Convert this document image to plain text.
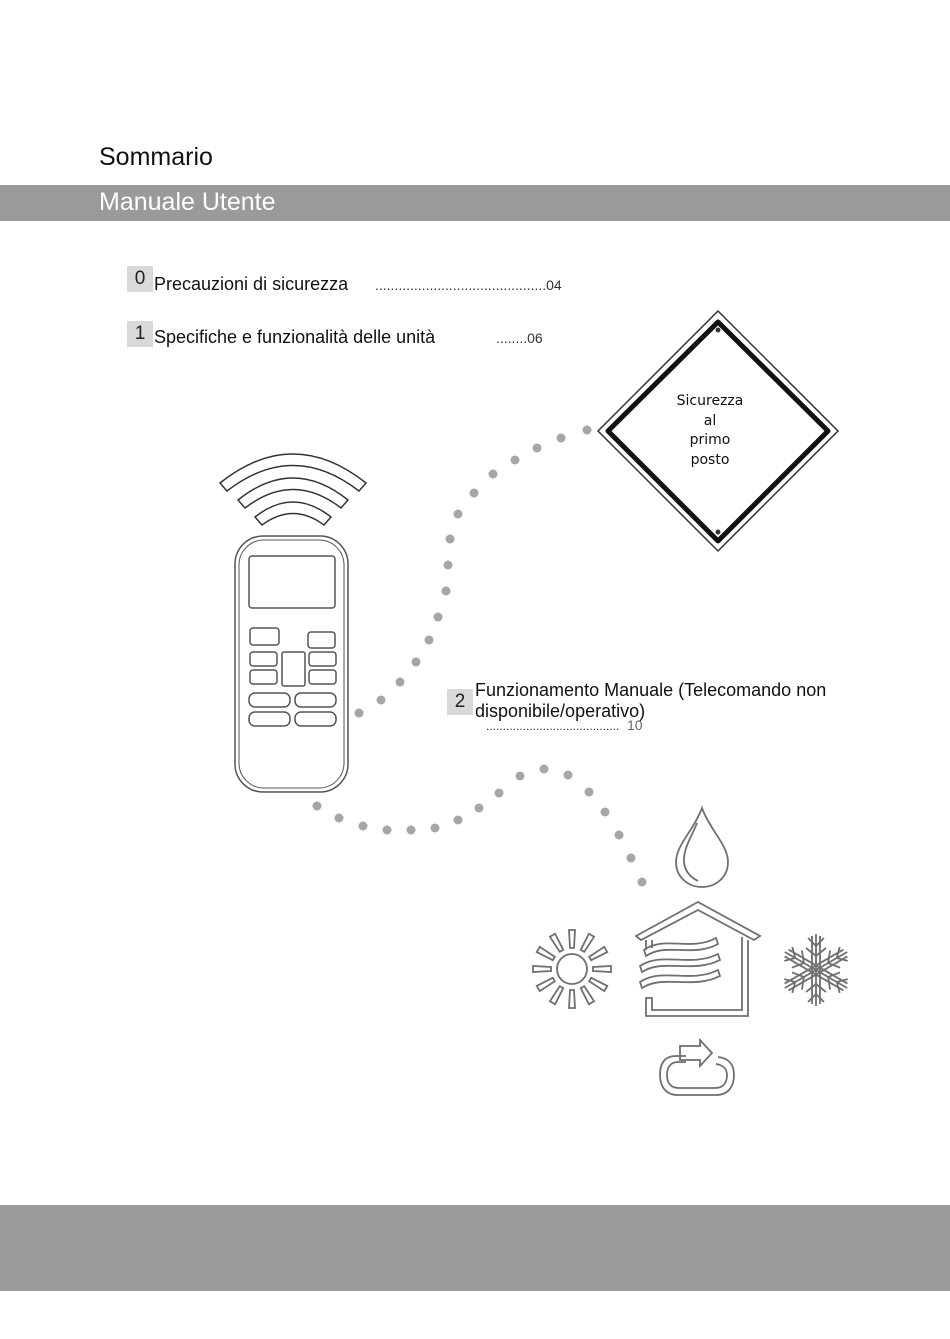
Sommario
Manuale Utente
0 Precauzioni di sicurezza ............................................04
1 Specifiche e funzionalità delle unità	........06
Sicurezza
al
primo
posto
2
Funzionamento Manuale (Telecomando non disponibile/operativo)
........................................ 10
